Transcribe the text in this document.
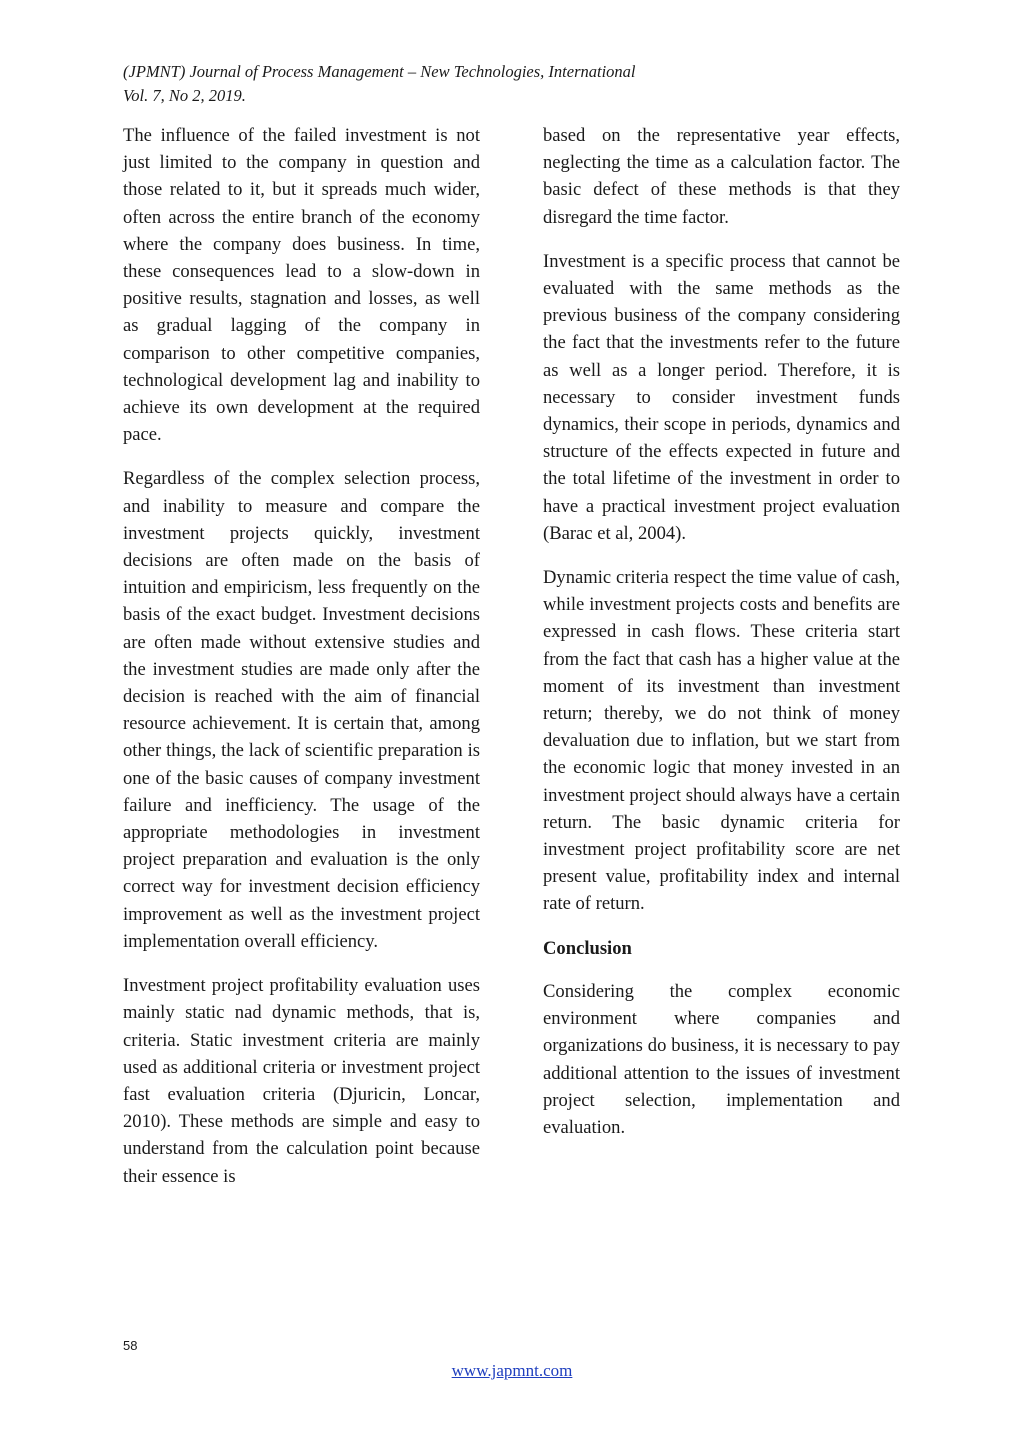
(JPMNT) Journal of Process Management – New Technologies, International
Vol. 7, No 2, 2019.

The influence of the failed investment is not just limited to the company in question and those related to it, but it spreads much wider, often across the entire branch of the economy where the company does business. In time, these consequences lead to a slow-down in positive results, stagnation and losses, as well as gradual lagging of the company in comparison to other competitive companies, technological development lag and inability to achieve its own development at the required pace.

Regardless of the complex selection process, and inability to measure and compare the investment projects quickly, investment decisions are often made on the basis of intuition and empiricism, less frequently on the basis of the exact budget. Investment decisions are often made without extensive studies and the investment studies are made only after the decision is reached with the aim of financial resource achievement. It is certain that, among other things, the lack of scientific preparation is one of the basic causes of company investment failure and inefficiency. The usage of the appropriate methodologies in investment project preparation and evaluation is the only correct way for investment decision efficiency improvement as well as the investment project implementation overall efficiency.

Investment project profitability evaluation uses mainly static nad dynamic methods, that is, criteria. Static investment criteria are mainly used as additional criteria or investment project fast evaluation criteria (Djuricin, Loncar, 2010). These methods are simple and easy to understand from the calculation point because their essence is

based on the representative year effects, neglecting the time as a calculation factor. The basic defect of these methods is that they disregard the time factor.

Investment is a specific process that cannot be evaluated with the same methods as the previous business of the company considering the fact that the investments refer to the future as well as a longer period. Therefore, it is necessary to consider investment funds dynamics, their scope in periods, dynamics and structure of the effects expected in future and the total lifetime of the investment in order to have a practical investment project evaluation (Barac et al, 2004).

Dynamic criteria respect the time value of cash, while investment projects costs and benefits are expressed in cash flows. These criteria start from the fact that cash has a higher value at the moment of its investment than investment return; thereby, we do not think of money devaluation due to inflation, but we start from the economic logic that money invested in an investment project should always have a certain return. The basic dynamic criteria for investment project profitability score are net present value, profitability index and internal rate of return.

Conclusion

Considering the complex economic environment where companies and organizations do business, it is necessary to pay additional attention to the issues of investment project selection, implementation and evaluation.

58
www.japmnt.com
